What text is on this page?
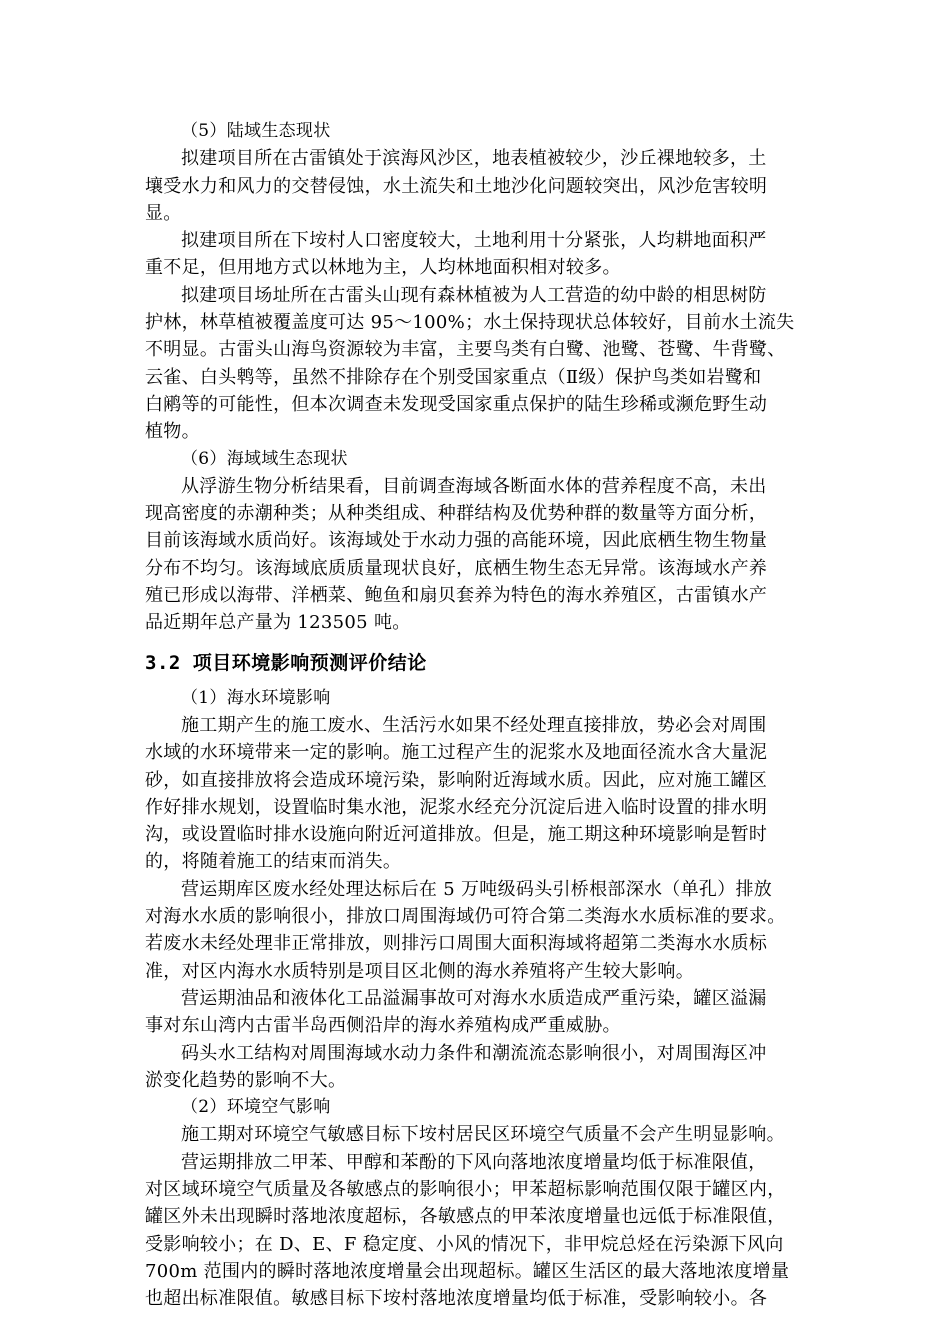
（5）陆域生态现状
拟建项目所在古雷镇处于滨海风沙区，地表植被较少，沙丘裸地较多，土
壤受水力和风力的交替侵蚀，水土流失和土地沙化问题较突出，风沙危害较明
显。
拟建项目所在下垵村人口密度较大，土地利用十分紧张，人均耕地面积严
重不足，但用地方式以林地为主，人均林地面积相对较多。
拟建项目场址所在古雷头山现有森林植被为人工营造的幼中龄的相思树防
护林，林草植被覆盖度可达 95～100%；水土保持现状总体较好，目前水土流失
不明显。古雷头山海鸟资源较为丰富，主要鸟类有白鹭、池鹭、苍鹭、牛背鹭、
云雀、白头鹎等，虽然不排除存在个别受国家重点（Ⅱ级）保护鸟类如岩鹭和
白鹇等的可能性，但本次调查未发现受国家重点保护的陆生珍稀或濒危野生动
植物。
（6）海域域生态现状
从浮游生物分析结果看，目前调查海域各断面水体的营养程度不高，未出
现高密度的赤潮种类；从种类组成、种群结构及优势种群的数量等方面分析，
目前该海域水质尚好。该海域处于水动力强的高能环境，因此底栖生物生物量
分布不均匀。该海域底质质量现状良好，底栖生物生态无异常。该海域水产养
殖已形成以海带、洋栖菜、鲍鱼和扇贝套养为特色的海水养殖区，古雷镇水产
品近期年总产量为 123505 吨。
3.2 项目环境影响预测评价结论
（1）海水环境影响
施工期产生的施工废水、生活污水如果不经处理直接排放，势必会对周围
水域的水环境带来一定的影响。施工过程产生的泥浆水及地面径流水含大量泥
砂，如直接排放将会造成环境污染，影响附近海域水质。因此，应对施工罐区
作好排水规划，设置临时集水池，泥浆水经充分沉淀后进入临时设置的排水明
沟，或设置临时排水设施向附近河道排放。但是，施工期这种环境影响是暂时
的，将随着施工的结束而消失。
营运期库区废水经处理达标后在 5 万吨级码头引桥根部深水（单孔）排放
对海水水质的影响很小，排放口周围海域仍可符合第二类海水水质标准的要求。
若废水未经处理非正常排放，则排污口周围大面积海域将超第二类海水水质标
准，对区内海水水质特别是项目区北侧的海水养殖将产生较大影响。
营运期油品和液体化工品溢漏事故可对海水水质造成严重污染，罐区溢漏
事对东山湾内古雷半岛西侧沿岸的海水养殖构成严重威胁。
码头水工结构对周围海域水动力条件和潮流流态影响很小，对周围海区冲
淤变化趋势的影响不大。
（2）环境空气影响
施工期对环境空气敏感目标下垵村居民区环境空气质量不会产生明显影响。
营运期排放二甲苯、甲醇和苯酚的下风向落地浓度增量均低于标准限值，
对区域环境空气质量及各敏感点的影响很小；甲苯超标影响范围仅限于罐区内，
罐区外未出现瞬时落地浓度超标，各敏感点的甲苯浓度增量也远低于标准限值，
受影响较小；在 D、E、F 稳定度、小风的情况下，非甲烷总烃在污染源下风向
700m 范围内的瞬时落地浓度增量会出现超标。罐区生活区的最大落地浓度增量
也超出标准限值。敏感目标下垵村落地浓度增量均低于标准，受影响较小。各
